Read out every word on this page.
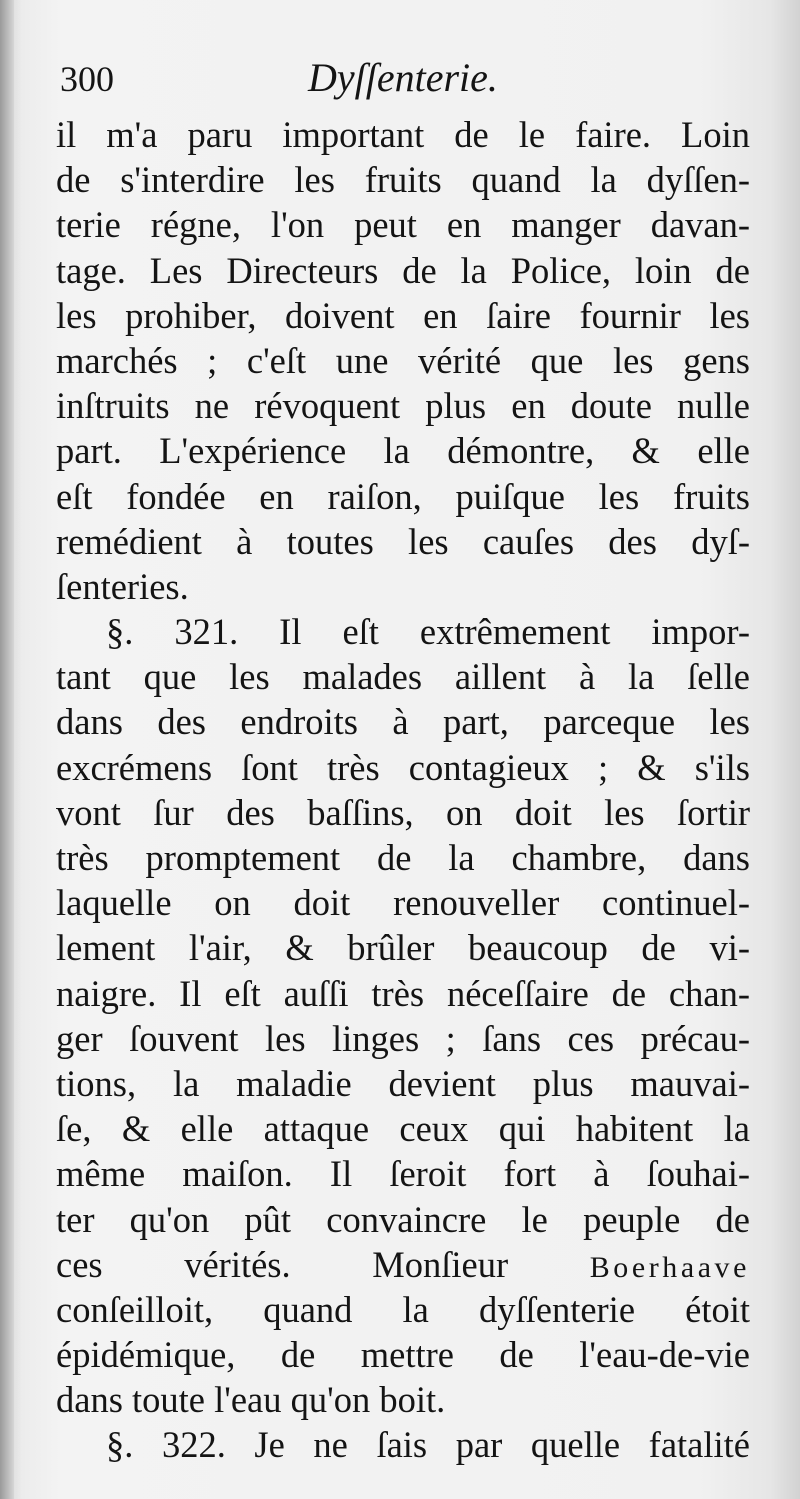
300	Dyſſenterie.
il m'a paru important de le faire. Loin
de s'interdire les fruits quand la dyſſen-
terie régne, l'on peut en manger davan-
tage. Les Directeurs de la Police, loin de
les prohiber, doivent en ſaire fournir les
marchés ; c'eſt une vérité que les gens
inſtruits ne révoquent plus en doute nulle
part. L'expérience la démontre, & elle
eſt fondée en raiſon, puiſque les fruits
remédient à toutes les cauſes des dyſ-
ſenteries.
§. 321. Il eſt extrêmement impor-
tant que les malades aillent à la ſelle
dans des endroits à part, parceque les
excrémens ſont très contagieux ; & s'ils
vont ſur des baſſins, on doit les ſortir
très promptement de la chambre, dans
laquelle on doit renouveller continuel-
lement l'air, & brûler beaucoup de vi-
naigre. Il eſt auſſi très néceſſaire de chan-
ger ſouvent les linges ; ſans ces précau-
tions, la maladie devient plus mauvai-
ſe, & elle attaque ceux qui habitent la
même maiſon. Il ſeroit fort à ſouhai-
ter qu'on pût convaincre le peuple de
ces vérités. Monſieur	Boerhaave
conſeilloit, quand la dyſſenterie étoit
épidémique, de mettre de l'eau-de-vie
dans toute l'eau qu'on boit.
§. 322. Je ne ſais par quelle fatalité
